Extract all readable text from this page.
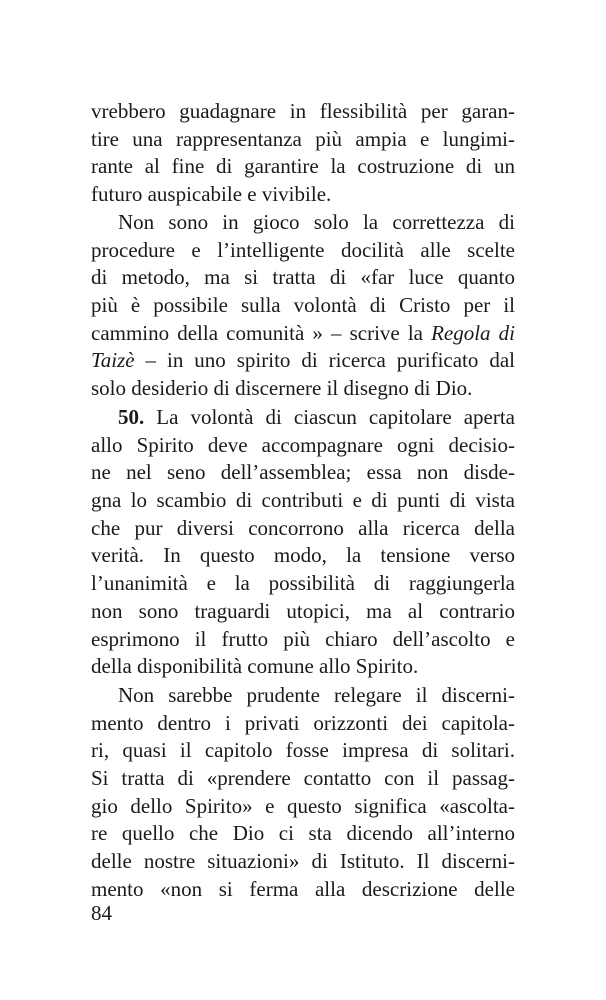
vrebbero guadagnare in flessibilità per garan-
tire una rappresentanza più ampia e lungimi-
rante al fine di garantire la costruzione di un
futuro auspicabile e vivibile.
Non sono in gioco solo la correttezza di
procedure e l’intelligente docilità alle scelte
di metodo, ma si tratta di «far luce quanto
più è possibile sulla volontà di Cristo per il
cammino della comunità » – scrive la Regola di
Taizè – in uno spirito di ricerca purificato dal
solo desiderio di discernere il disegno di Dio.
50. La volontà di ciascun capitolare aperta
allo Spirito deve accompagnare ogni decisio-
ne nel seno dell’assemblea; essa non disde-
gna lo scambio di contributi e di punti di vista
che pur diversi concorrono alla ricerca della
verità. In questo modo, la tensione verso
l’unanimità e la possibilità di raggiungerla
non sono traguardi utopici, ma al contrario
esprimono il frutto più chiaro dell’ascolto e
della disponibilità comune allo Spirito.
Non sarebbe prudente relegare il discerni-
mento dentro i privati orizzonti dei capitola-
ri, quasi il capitolo fosse impresa di solitari.
Si tratta di «prendere contatto con il passag-
gio dello Spirito» e questo significa «ascolta-
re quello che Dio ci sta dicendo all’interno
delle nostre situazioni» di Istituto. Il discerni-
mento «non si ferma alla descrizione delle
84
